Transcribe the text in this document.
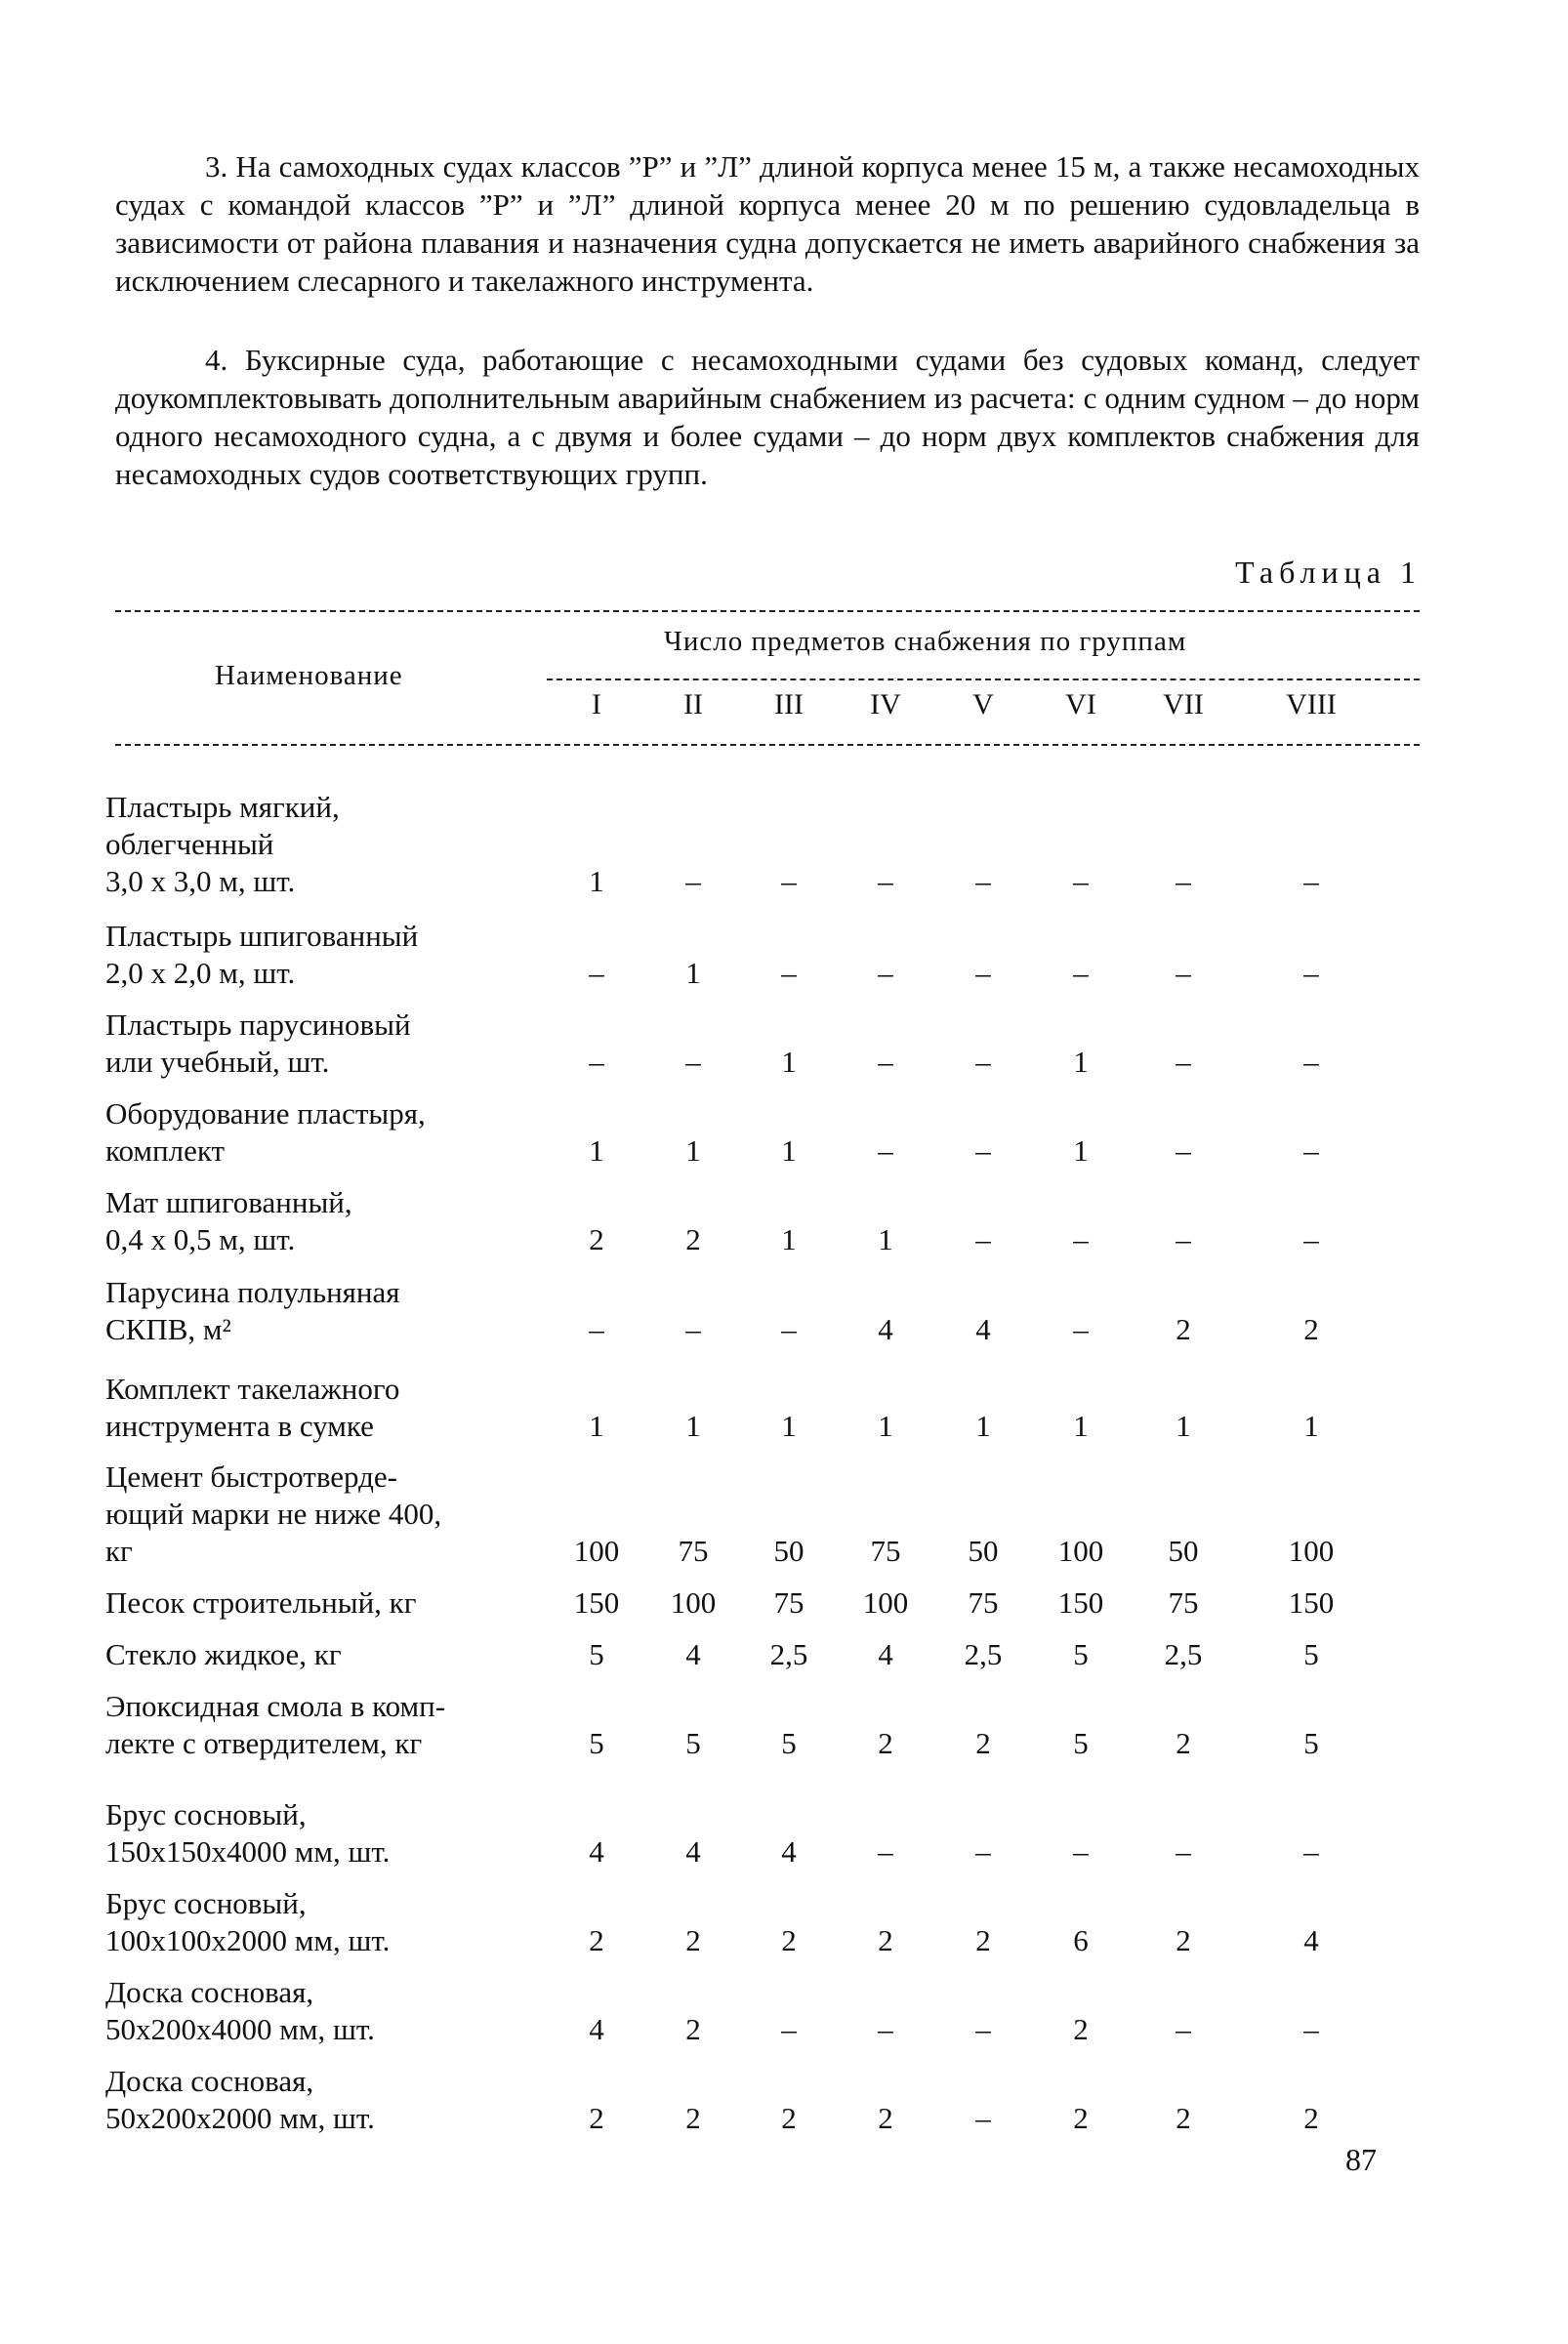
3. На самоходных судах классов ”Р” и ”Л” длиной корпуса менее 15 м, а также несамоходных судах с командой классов ”Р” и ”Л” длиной корпуса менее 20 м по решению судовладельца в зависимости от района плавания и назначения судна допускается не иметь аварийного снабжения за исключением слесарного и такелажного инструмента.

4. Буксирные суда, работающие с несамоходными судами без судовых команд, следует доукомплектовывать дополнительным аварийным снабжением из расчета: с одним судном – до норм одного несамоходного судна, а с двумя и более судами – до норм двух комплектов снабжения для несамоходных судов соответствующих групп.

Таблица 1

Наименование
Число предметов снабжения по группам
I	II III IV V VI VII	VIII
Пластырь мягкий,
облегченный
3,0 x 3,0 м, шт.	1	–	–	–	–	–	–	–
Пластырь шпигованный
2,0 x 2,0 м, шт.	–	1	–	–	–	–	–	–
Пластырь парусиновый
или учебный, шт.	–	–	1	–	–	1	–	–
Оборудование пластыря,
комплект	1	1	1	–	–	1	–	–
Мат шпигованный,
0,4 x 0,5 м, шт.	2	2	1	1	–	–	–	–
Парусина полульняная
СКПВ, м²	–	–	–	4	4	–	2	2
Комплект такелажного
инструмента в сумке	1	1	1	1	1	1	1	1
Цемент быстротверде-
ющий марки не ниже 400,
кг	100 75 50 75 50 100 50	100
Песок строительный, кг	150 100 75 100 75 150 75	150
Стекло жидкое, кг	5	4 2,5 4 2,5 5	2,5	5
Эпоксидная смола в комп-
лекте с отвердителем, кг	5	5	5	2	2	5	2	5
Брус сосновый,
150x150x4000 мм, шт.	4	4	4	–	–	–	–	–
Брус сосновый,
100x100x2000 мм, шт.	2	2	2	2	2	6	2	4
Доска сосновая,
50x200x4000 мм, шт.	4	2	–	–	–	2	–	–
Доска сосновая,
50x200x2000 мм, шт.	2	2	2	2	–	2	2	2
87
